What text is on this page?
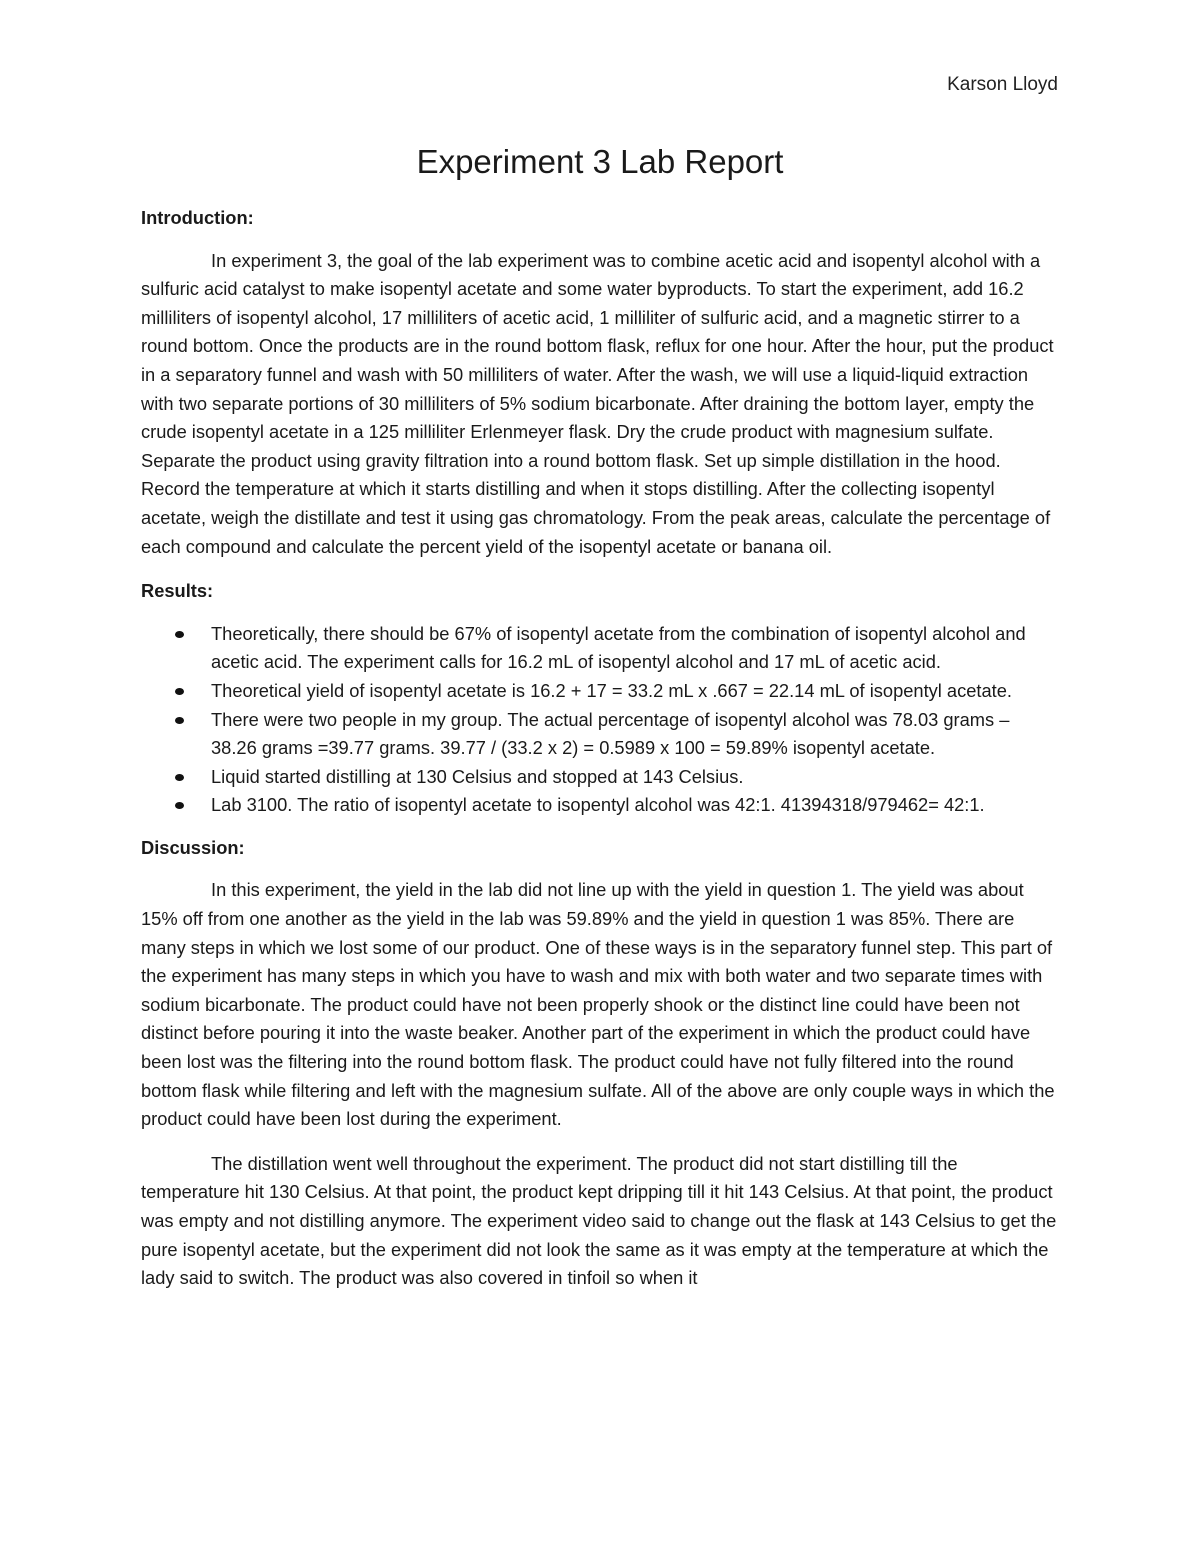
Karson Lloyd
Experiment 3 Lab Report
Introduction:

In experiment 3, the goal of the lab experiment was to combine acetic acid and isopentyl alcohol with a sulfuric acid catalyst to make isopentyl acetate and some water byproducts. To start the experiment, add 16.2 milliliters of isopentyl alcohol, 17 milliliters of acetic acid, 1 milliliter of sulfuric acid, and a magnetic stirrer to a round bottom. Once the products are in the round bottom flask, reflux for one hour. After the hour, put the product in a separatory funnel and wash with 50 milliliters of water. After the wash, we will use a liquid-liquid extraction with two separate portions of 30 milliliters of 5% sodium bicarbonate. After draining the bottom layer, empty the crude isopentyl acetate in a 125 milliliter Erlenmeyer flask. Dry the crude product with magnesium sulfate. Separate the product using gravity filtration into a round bottom flask. Set up simple distillation in the hood. Record the temperature at which it starts distilling and when it stops distilling. After the collecting isopentyl acetate, weigh the distillate and test it using gas chromatology. From the peak areas, calculate the percentage of each compound and calculate the percent yield of the isopentyl acetate or banana oil.

Results:
Theoretically, there should be 67% of isopentyl acetate from the combination of isopentyl alcohol and acetic acid. The experiment calls for 16.2 mL of isopentyl alcohol and 17 mL of acetic acid.
Theoretical yield of isopentyl acetate is 16.2 + 17 = 33.2 mL x .667 = 22.14 mL of isopentyl acetate.
There were two people in my group. The actual percentage of isopentyl alcohol was 78.03 grams – 38.26 grams =39.77 grams. 39.77 / (33.2 x 2) = 0.5989 x 100 = 59.89% isopentyl acetate.
Liquid started distilling at 130 Celsius and stopped at 143 Celsius.
Lab 3100. The ratio of isopentyl acetate to isopentyl alcohol was 42:1. 41394318/979462= 42:1.
Discussion:

In this experiment, the yield in the lab did not line up with the yield in question 1. The yield was about 15% off from one another as the yield in the lab was 59.89% and the yield in question 1 was 85%. There are many steps in which we lost some of our product. One of these ways is in the separatory funnel step. This part of the experiment has many steps in which you have to wash and mix with both water and two separate times with sodium bicarbonate. The product could have not been properly shook or the distinct line could have been not distinct before pouring it into the waste beaker. Another part of the experiment in which the product could have been lost was the filtering into the round bottom flask. The product could have not fully filtered into the round bottom flask while filtering and left with the magnesium sulfate. All of the above are only couple ways in which the product could have been lost during the experiment.

The distillation went well throughout the experiment. The product did not start distilling till the temperature hit 130 Celsius. At that point, the product kept dripping till it hit 143 Celsius. At that point, the product was empty and not distilling anymore. The experiment video said to change out the flask at 143 Celsius to get the pure isopentyl acetate, but the experiment did not look the same as it was empty at the temperature at which the lady said to switch. The product was also covered in tinfoil so when it
